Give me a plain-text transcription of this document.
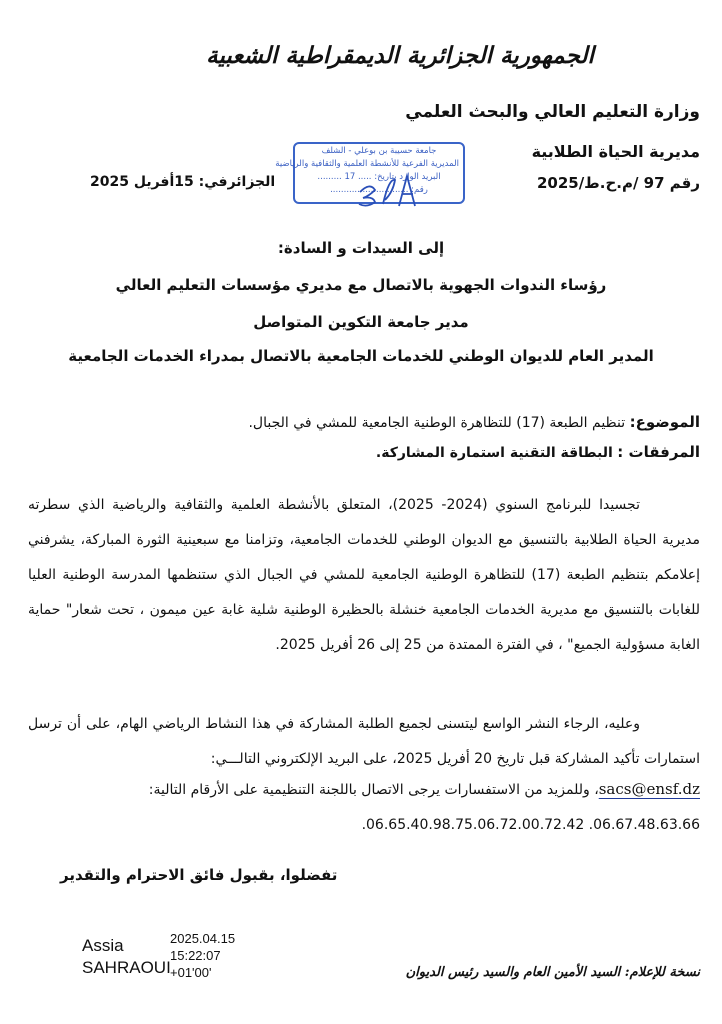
الجمهورية الجزائرية الديمقراطية الشعبية
وزارة التعليم العالي والبحث العلمي
مديرية الحياة الطلابية
رقم 97 /م.ح.ط/2025
الجزائرفي: 15أفريل 2025
جامعة حسيبة بن بوعلي - الشلف
المديرية الفرعية للأنشطة العلمية والثقافية والرياضية
البريد الوارد بتاريخ: ..... 17 .........
رقم: .............................
إلى السيدات و السادة:
رؤساء الندوات الجهوية بالاتصال مع مديري مؤسسات التعليم العالي
مدير جامعة التكوين المتواصل
المدير العام للديوان الوطني للخدمات الجامعية بالاتصال بمدراء الخدمات الجامعية
الموضوع: تنظيم الطبعة (17) للتظاهرة الوطنية الجامعية للمشي في الجبال.
المرفقات : البطاقة التقنية استمارة المشاركة.
تجسيدا للبرنامج السنوي (2024- 2025)، المتعلق بالأنشطة العلمية والثقافية والرياضية الذي سطرته مديرية الحياة الطلابية بالتنسيق مع الديوان الوطني للخدمات الجامعية، وتزامنا مع سبعينية الثورة المباركة، يشرفني إعلامكم بتنظيم الطبعة (17) للتظاهرة الوطنية الجامعية للمشي في الجبال الذي ستنظمها المدرسة الوطنية العليا للغابات بالتنسيق مع مديرية الخدمات الجامعية خنشلة بالحظيرة الوطنية شلية غابة عين ميمون ، تحت شعار" حماية الغابة مسؤولية الجميع" ، في الفترة الممتدة من 25 إلى 26 أفريل 2025.
وعليه، الرجاء النشر الواسع ليتسنى لجميع الطلبة المشاركة في هذا النشاط الرياضي الهام، على أن ترسل استمارات تأكيد المشاركة قبل تاريخ 20 أفريل 2025، على البريد الإلكتروني التالـــي:
sacs@ensf.dz، وللمزيد من الاستفسارات يرجى الاتصال باللجنة التنظيمية على الأرقام التالية:
.06.65.40.98.75.06.72.00.72.42 .06.67.48.63.66
تفضلوا، بقبول فائق الاحترام والتقدير
Assia
SAHRAOUI
2025.04.15
15:22:07
+01'00'	نسخة للإعلام: السيد الأمين العام والسيد رئيس الديوان
